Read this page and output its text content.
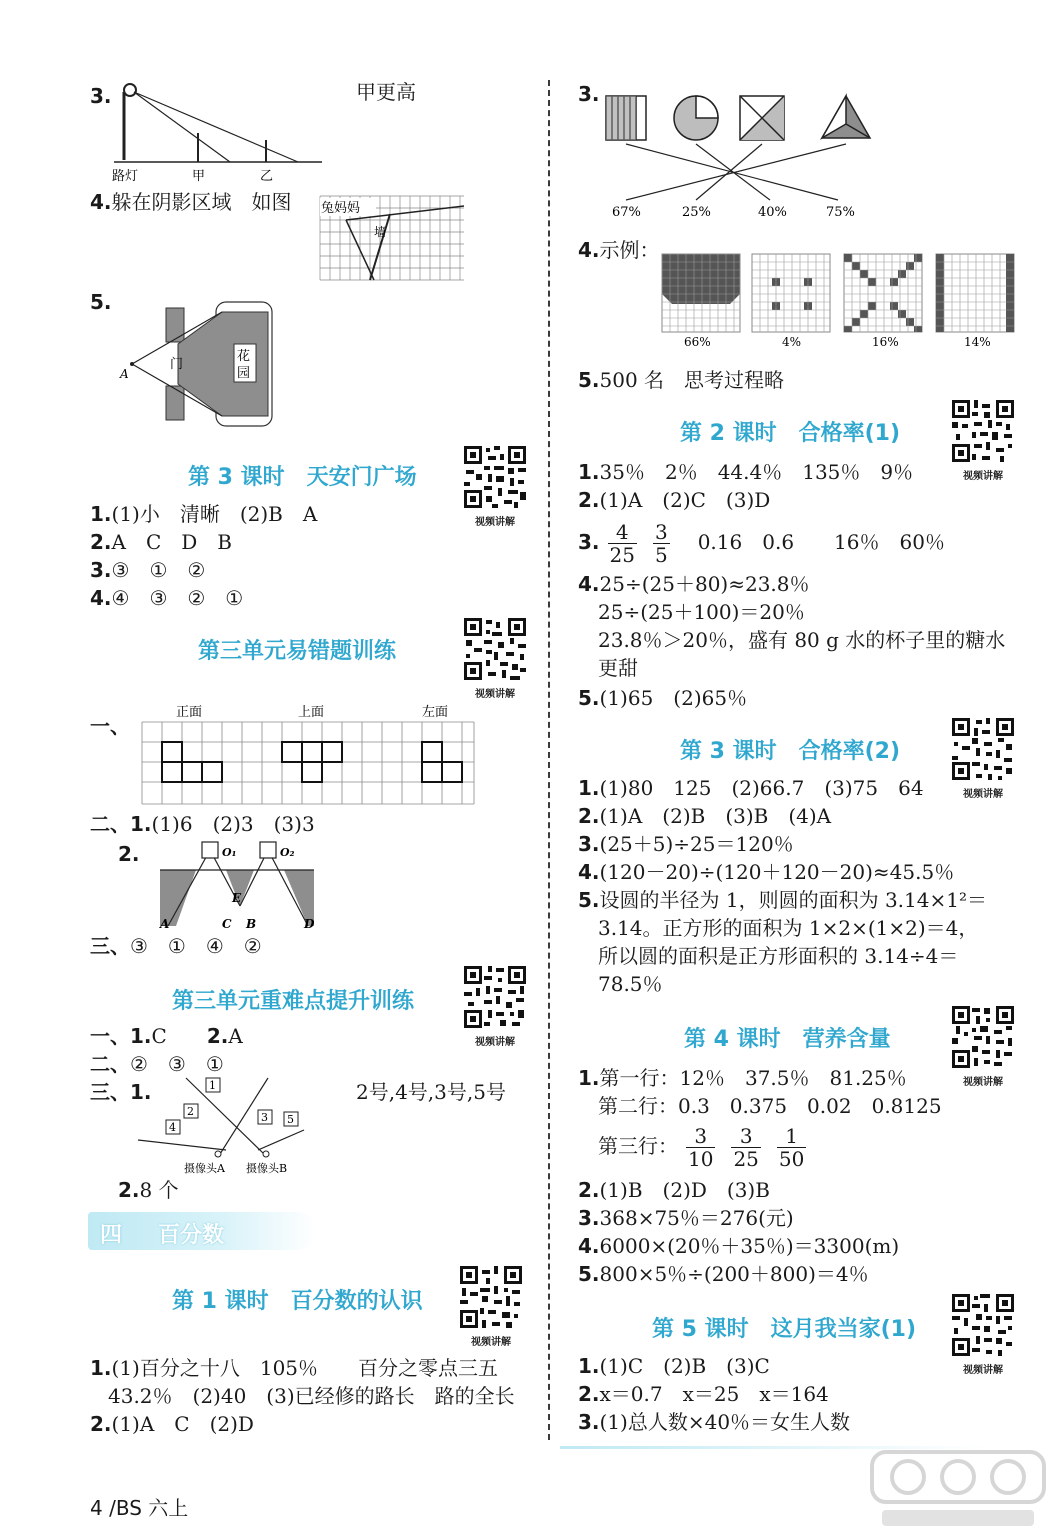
3.	甲更高
路灯	甲	乙
4.躲在阴影区域　如图 兔妈妈
墙
5.
A
门
花
园
第 3 课时　天安门广场
视频讲解
1.(1)小　清晰　(2)B　A
2.A　C　D　B
3.③　①　②
4.④　③　②　①
第三单元易错题训练
视频讲解
一、
正面	上面	左面
二、1.(1)6　(2)3　(3)3
2.	O₁	O₂
E
A	C B	D
三、③　①　④　②
第三单元重难点提升训练
视频讲解
一、1.C　　2.A
二、②　③　①
三、1.	2号,4号,3号,5号
1
2	3
4
5
摄像头A 摄像头B
2.8 个
四 百分数
第 1 课时　百分数的认识
视频讲解
1.(1)百分之十八　105％　　百分之零点三五
43.2％　(2)40　(3)已经修的路长　路的全长
2.(1)A　C　(2)D
3.
67%	25%	40%	75%
4.示例：
66%	4%	16%	14%
5.500 名　思考过程略
第 2 课时　合格率(1)
视频讲解
1.35％　2％　44.4％　135％　9％
2.(1)A　(2)C　(3)D
3. $\frac{4}{25} \frac{3}{5} 0.16$　0.6　　16％　60％
4.25÷(25＋80)≈23.8％
25÷(25＋100)＝20％
23.8％＞20％，盛有 80 g 水的杯子里的糖水
更甜
5.(1)65　(2)65％
第 3 课时　合格率(2)
视频讲解
1.(1)80　125　(2)66.7　(3)75　64
2.(1)A　(2)B　(3)B　(4)A
3.(25＋5)÷25＝120％
4.(120－20)÷(120＋120－20)≈45.5％
5.设圆的半径为 1，则圆的面积为 3.14×1²＝
3.14。正方形的面积为 1×2×(1×2)＝4，
所以圆的面积是正方形面积的 3.14÷4＝
78.5％
第 4 课时　营养含量
视频讲解
1.第一行：12％　37.5％　81.25％
第二行：0.3　0.375　0.02　0.8125
第三行： $\frac{3}{10} \frac{3}{25} \frac{1}{50}$
2.(1)B　(2)D　(3)B
3.368×75％＝276(元)
4.6000×(20％＋35％)＝3300(m)
5.800×5％÷(200＋800)＝4％
第 5 课时　这月我当家(1)
视频讲解
1.(1)C　(2)B　(3)C
2.x＝0.7　x＝25　x＝164
3.(1)总人数×40％＝女生人数
4 /BS 六上
